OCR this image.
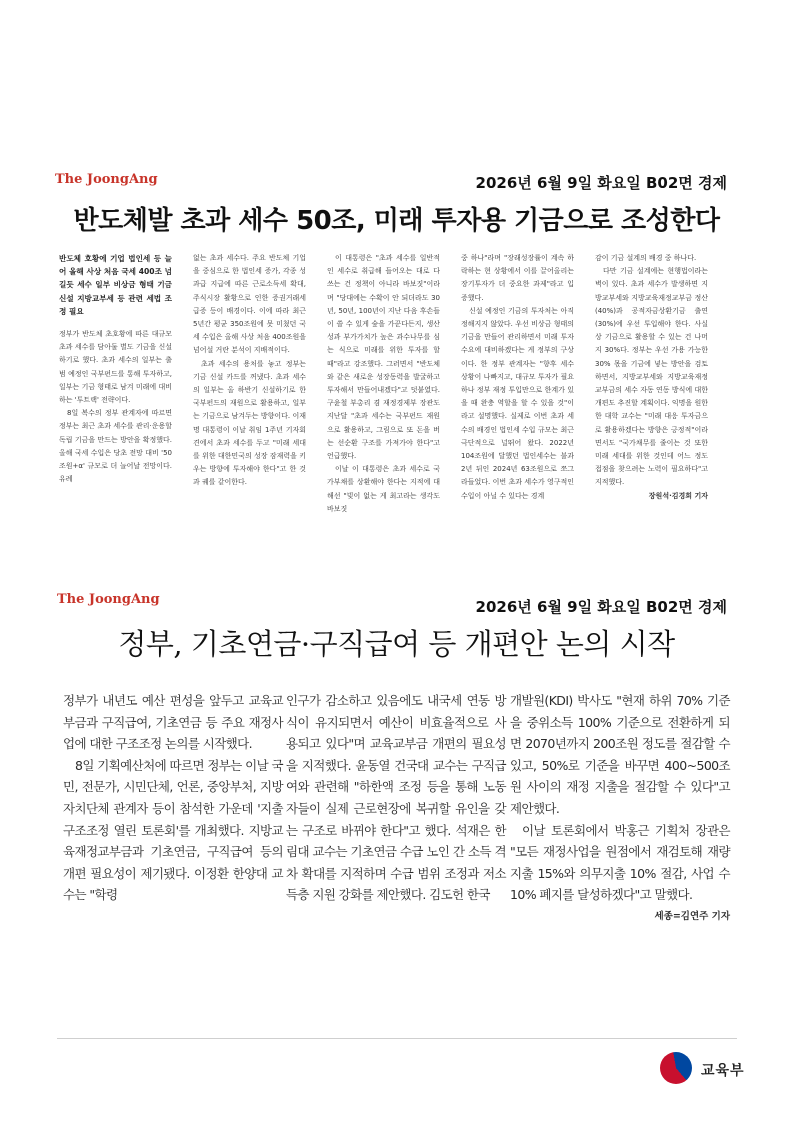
The JoongAng	2026년 6월 9일 화요일 B02면 경제
반도체발 초과 세수 50조, 미래 투자용 기금으로 조성한다

반도체 호황에 기업 법인세 등 늘어 올해 사상 처음 국세 400조 넘길듯 세수 일부 비상금 형태 기금 신설 지방교부세 등 관련 세법 조정 필요

정부가 반도체 초호황에 따른 대규모 초과 세수를 담아둘 별도 기금을 신설하기로 했다. 초과 세수의 일부는 출범 예정인 국부펀드를 통해 투자하고, 일부는 기금 형태로 남겨 미래에 대비하는 '투트랙' 전략이다.

8일 복수의 정부 관계자에 따르면 정부는 최근 초과 세수를 관리·운용할 독립 기금을 만드는 방안을 확정했다. 올해 국세 수입은 당초 전망 대비 '50조원+α' 규모로 더 늘어날 전망이다. 유례

없는 초과 세수다. 주요 반도체 기업을 중심으로 한 법인세 증가, 각종 성과급 지급에 따른 근로소득세 확대, 주식시장 활황으로 인한 증권거래세 급증 등이 배경이다. 이에 따라 최근 5년간 평균 350조원에 못 미쳤던 국세 수입은 올해 사상 처음 400조원을 넘어설 거란 분석이 지배적이다.

초과 세수의 용처를 놓고 정부는 기금 신설 카드를 꺼냈다. 초과 세수의 일부는 올 하반기 신설하기로 한 국부펀드의 재원으로 활용하고, 일부는 기금으로 남겨두는 방향이다. 이재명 대통령이 이날 취임 1주년 기자회견에서 초과 세수를 두고 "미래 세대를 위한 대한민국의 성장 잠재력을 키우는 방향에 투자해야 한다"고 한 것과 궤를 같이한다.

이 대통령은 "초과 세수를 일반적인 세수로 취급해 들어오는 대로 다 쓰는 건 정책이 아니라 바보짓"이라며 "당대에는 수확이 안 되더라도 30년, 50년, 100년이 지난 다음 후손들이 쓸 수 있게 숲을 가꾼다든지, 생산성과 부가가치가 높은 과수나무를 심는 식으로 미래를 위한 투자를 할 때"라고 강조했다. 그러면서 "반도체와 같은 새로운 성장동력을 발굴하고 투자해서 만들어내겠다"고 덧붙였다. 구윤철 부총리 겸 재정경제부 장관도 지난달 "초과 세수는 국부펀드 재원으로 활용하고, 그림으로 또 돈을 버는 선순환 구조를 가져가야 한다"고 언급했다.

이날 이 대통령은 초과 세수로 국가부채를 상환해야 한다는 지적에 대해선 "빚이 없는 게 최고라는 생각도 바보짓

중 하나"라며 "장래성장률이 계속 하락하는 현 상황에서 이를 끌어올리는 장기투자가 더 중요한 과제"라고 입증했다.

신설 예정인 기금의 투자처는 아직 정해지지 않았다. 우선 비상금 형태의 기금을 만들어 관리하면서 미래 투자 수요에 대비하겠다는 게 정부의 구상이다. 한 정부 관계자는 "향후 세수 상황이 나빠지고, 대규모 투자가 필요하나 정부 재정 투입만으로 한계가 있을 때 완충 역할을 할 수 있을 것"이라고 설명했다. 실제로 이번 초과 세수의 배경인 법인세 수입 규모는 최근 극단적으로 널뛰어 왔다. 2022년 104조원에 달했던 법인세수는 불과 2년 뒤인 2024년 63조원으로 쪼그라들었다. 이번 초과 세수가 영구적인 수입이 아닐 수 있다는 경계

감이 기금 설계의 배경 중 하나다.

다만 기금 설계에는 현행법이라는 벽이 있다. 초과 세수가 발생하면 지방교부세와 지방교육재정교부금 정산(40%)과 공적자금상환기금 출연(30%)에 우선 투입해야 한다. 사실상 기금으로 활용할 수 있는 건 나머지 30%다. 정부는 우선 가용 가능한 30% 몫을 기금에 넣는 방안을 검토하면서, 지방교부세와 지방교육재정교부금의 세수 자동 연동 방식에 대한 개편도 추진할 계획이다. 익명을 원한 한 대학 교수는 "미래 대응 투자금으로 활용하겠다는 방향은 긍정적"이라면서도 "국가채무를 줄이는 것 또한 미래 세대를 위한 것인데 어느 정도 접점을 찾으려는 노력이 필요하다"고 지적했다.

장원석·김경희 기자

The JoongAng	2026년 6월 9일 화요일 B02면 경제
정부, 기초연금·구직급여 등 개편안 논의 시작

정부가 내년도 예산 편성을 앞두고 교육교부금과 구직급여, 기초연금 등 주요 재정사업에 대한 구조조정 논의를 시작했다.

8일 기획예산처에 따르면 정부는 이날 국민, 전문가, 시민단체, 언론, 중앙부처, 지방자치단체 관계자 등이 참석한 가운데 '지출구조조정 열린 토론회'를 개최했다. 지방교육재정교부금과 기초연금, 구직급여 등의 개편 필요성이 제기됐다. 이정환 한양대 교수는 "학령

인구가 감소하고 있음에도 내국세 연동 방식이 유지되면서 예산이 비효율적으로 사용되고 있다"며 교육교부금 개편의 필요성을 지적했다. 윤동열 건국대 교수는 구직급여와 관련해 "하한액 조정 등을 통해 노동자들이 실제 근로현장에 복귀할 유인을 갖는 구조로 바뀌야 한다"고 했다. 석재은 한림대 교수는 기초연금 수급 노인 간 소득 격차 확대를 지적하며 수급 범위 조정과 저소득층 지원 강화를 제안했다. 김도헌 한국

개발원(KDI) 박사도 "현재 하위 70% 기준을 중위소득 100% 기준으로 전환하게 되면 2070년까지 200조원 정도를 절감할 수 있고, 50%로 기준을 바꾸면 400~500조원 사이의 재정 지출을 절감할 수 있다"고 제안했다.

이날 토론회에서 박홍근 기획처 장관은 "모든 재정사업을 원점에서 재검토해 재량지출 15%와 의무지출 10% 절감, 사업 수 10% 폐지를 달성하겠다"고 말했다.

세종=김연주 기자

교육부
